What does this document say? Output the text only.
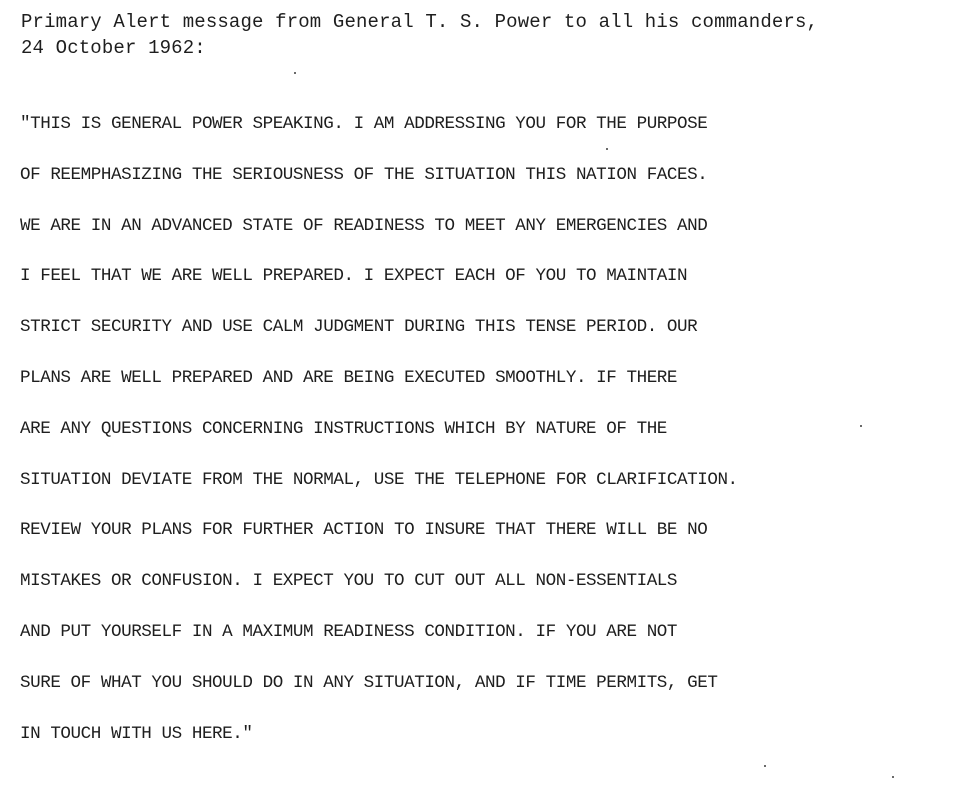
Primary Alert message from General T. S. Power to all his commanders,
24 October 1962:
"THIS IS GENERAL POWER SPEAKING. I AM ADDRESSING YOU FOR THE PURPOSE
OF REEMPHASIZING THE SERIOUSNESS OF THE SITUATION THIS NATION FACES.
WE ARE IN AN ADVANCED STATE OF READINESS TO MEET ANY EMERGENCIES AND
I FEEL THAT WE ARE WELL PREPARED. I EXPECT EACH OF YOU TO MAINTAIN
STRICT SECURITY AND USE CALM JUDGMENT DURING THIS TENSE PERIOD. OUR
PLANS ARE WELL PREPARED AND ARE BEING EXECUTED SMOOTHLY. IF THERE
ARE ANY QUESTIONS CONCERNING INSTRUCTIONS WHICH BY NATURE OF THE
SITUATION DEVIATE FROM THE NORMAL, USE THE TELEPHONE FOR CLARIFICATION.
REVIEW YOUR PLANS FOR FURTHER ACTION TO INSURE THAT THERE WILL BE NO
MISTAKES OR CONFUSION. I EXPECT YOU TO CUT OUT ALL NON-ESSENTIALS
AND PUT YOURSELF IN A MAXIMUM READINESS CONDITION. IF YOU ARE NOT
SURE OF WHAT YOU SHOULD DO IN ANY SITUATION, AND IF TIME PERMITS, GET
IN TOUCH WITH US HERE."
